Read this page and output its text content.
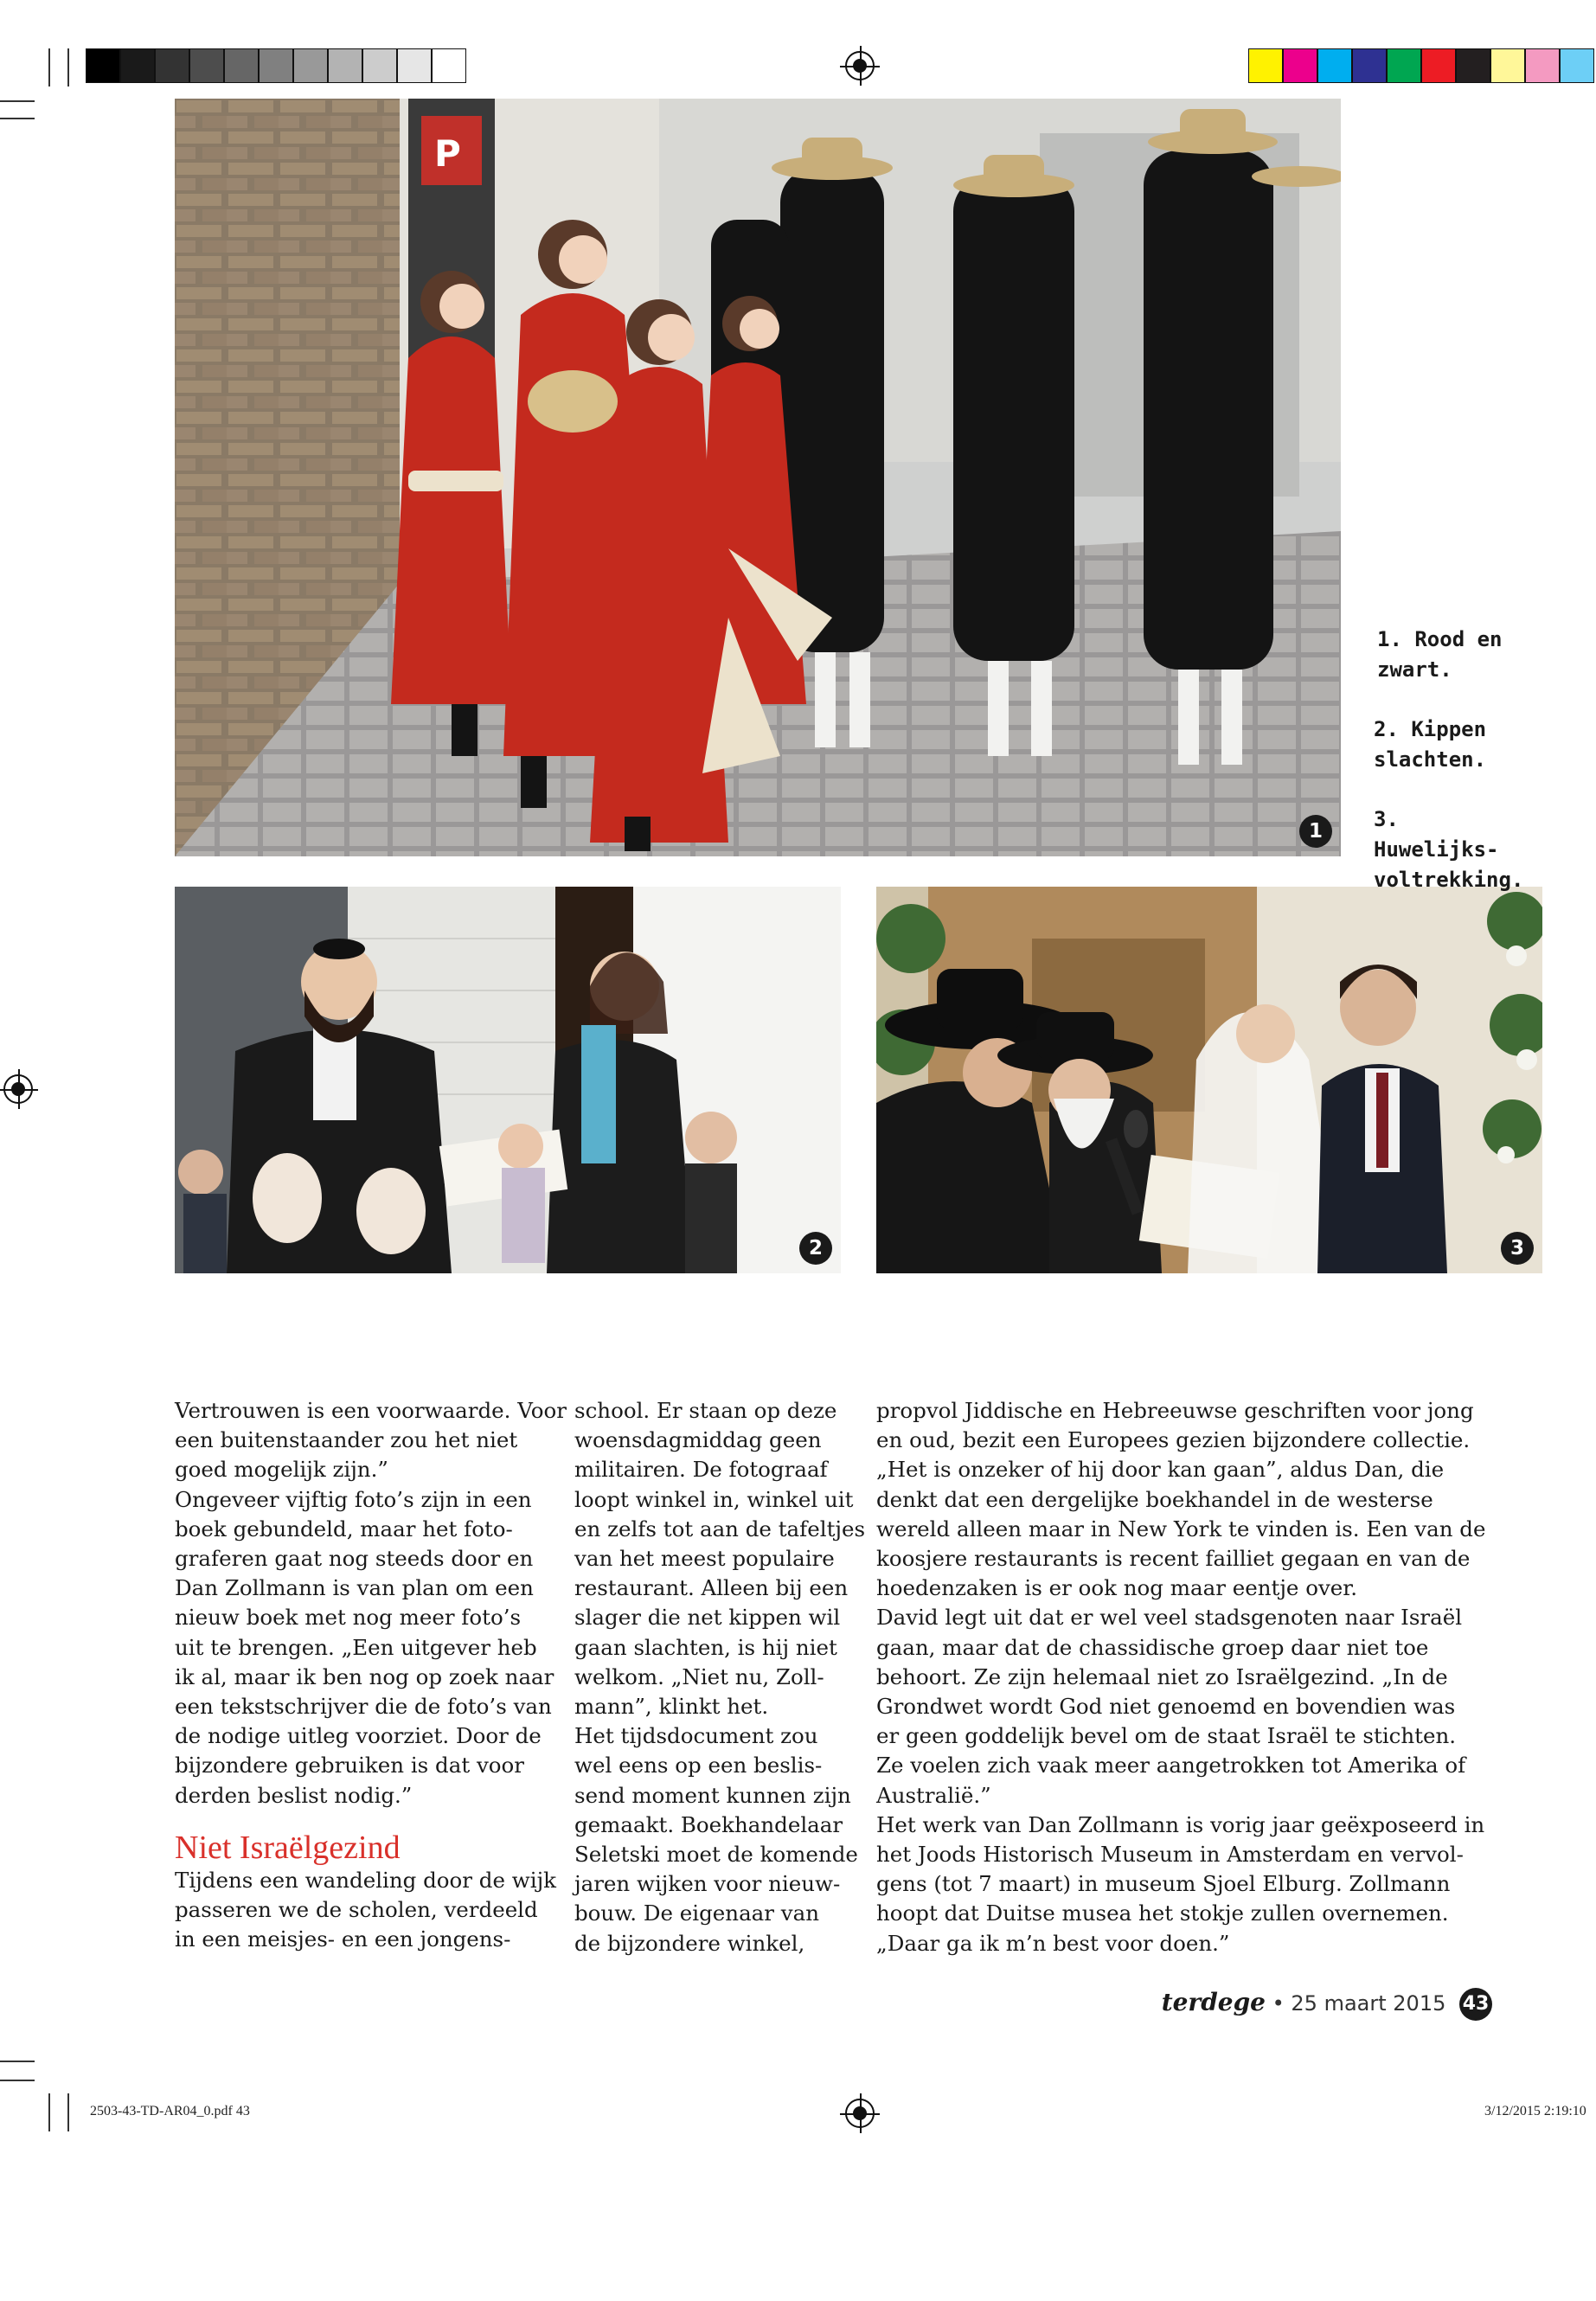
P
1
2	3
1. Rood en
zwart.
2. Kippen
slachten.
3. Huwelijks-
voltrekking.
Vertrouwen is een voorwaarde. Voor
een buitenstaander zou het niet
goed mogelijk zijn.”
Ongeveer vijftig foto’s zijn in een
boek gebundeld, maar het foto-
graferen gaat nog steeds door en
Dan Zollmann is van plan om een
nieuw boek met nog meer foto’s
uit te brengen. „Een uitgever heb
ik al, maar ik ben nog op zoek naar
een tekstschrijver die de foto’s van
de nodige uitleg voorziet. Door de
bijzondere gebruiken is dat voor
derden beslist nodig.”
Niet Israëlgezind
Tijdens een wandeling door de wijk
passeren we de scholen, verdeeld
in een meisjes- en een jongens-
school. Er staan op deze
woensdagmiddag geen
militairen. De fotograaf
loopt winkel in, winkel uit
en zelfs tot aan de tafeltjes
van het meest populaire
restaurant. Alleen bij een
slager die net kippen wil
gaan slachten, is hij niet
welkom. „Niet nu, Zoll-
mann”, klinkt het.
Het tijdsdocument zou
wel eens op een beslis-
send moment kunnen zijn
gemaakt. Boekhandelaar
Seletski moet de komende
jaren wijken voor nieuw-
bouw. De eigenaar van
de bijzondere winkel,
propvol Jiddische en Hebreeuwse geschriften voor jong
en oud, bezit een Europees gezien bijzondere collectie.
„Het is onzeker of hij door kan gaan”, aldus Dan, die
denkt dat een dergelijke boekhandel in de westerse
wereld alleen maar in New York te vinden is. Een van de
koosjere restaurants is recent failliet gegaan en van de
hoedenzaken is er ook nog maar eentje over.
David legt uit dat er wel veel stadsgenoten naar Israël
gaan, maar dat de chassidische groep daar niet toe
behoort. Ze zijn helemaal niet zo Israëlgezind. „In de
Grondwet wordt God niet genoemd en bovendien was
er geen goddelijk bevel om de staat Israël te stichten.
Ze voelen zich vaak meer aangetrokken tot Amerika of
Australië.”
Het werk van Dan Zollmann is vorig jaar geëxposeerd in
het Joods Historisch Museum in Amsterdam en vervol-
gens (tot 7 maart) in museum Sjoel Elburg. Zollmann
hoopt dat Duitse musea het stokje zullen overnemen.
„Daar ga ik m’n best voor doen.”
terdege • 25 maart 2015 43
2503-43-TD-AR04_0.pdf 43	3/12/2015 2:19:10
